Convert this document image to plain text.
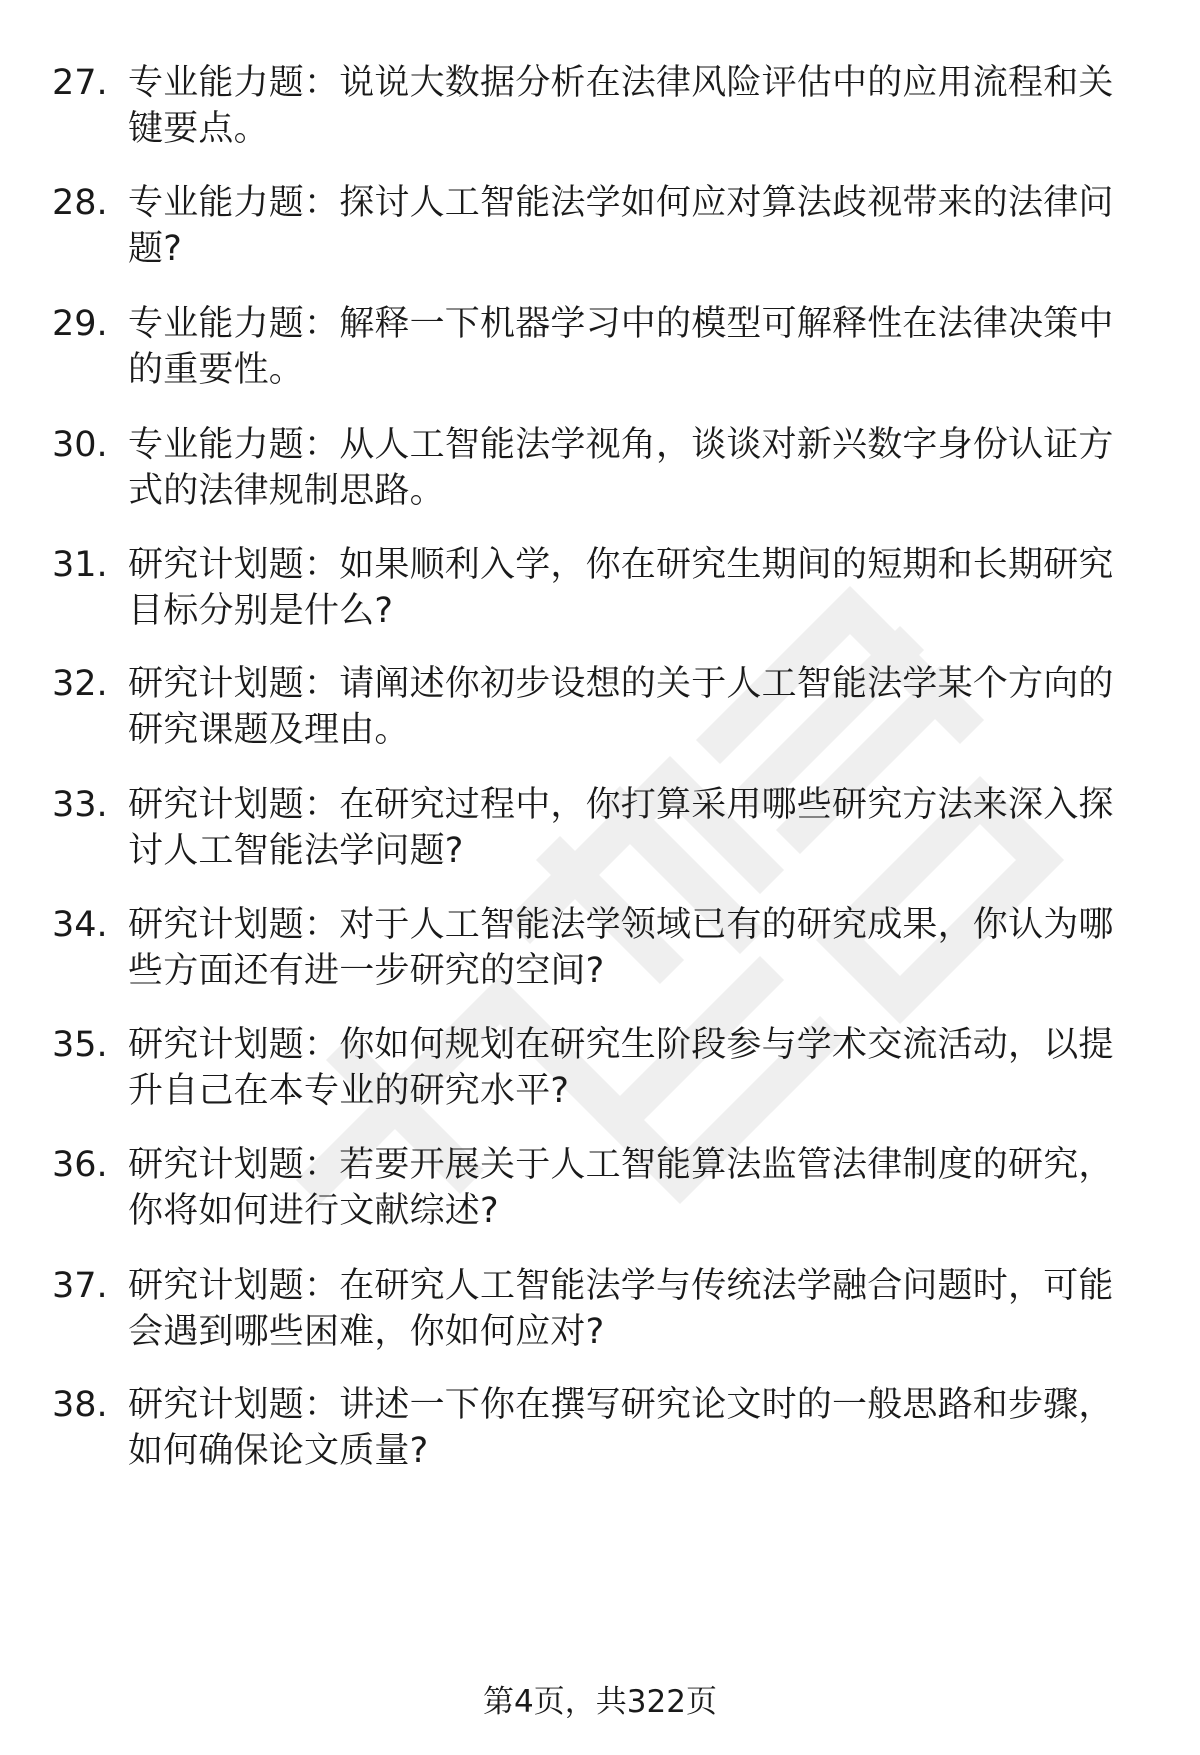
27. 专业能力题：说说大数据分析在法律风险评估中的应用流程和关键要点。
28. 专业能力题：探讨人工智能法学如何应对算法歧视带来的法律问题?
29. 专业能力题：解释一下机器学习中的模型可解释性在法律决策中的重要性。
30. 专业能力题：从人工智能法学视角，谈谈对新兴数字身份认证方式的法律规制思路。
31. 研究计划题：如果顺利入学，你在研究生期间的短期和长期研究目标分别是什么?
32. 研究计划题：请阐述你初步设想的关于人工智能法学某个方向的研究课题及理由。
33. 研究计划题：在研究过程中，你打算采用哪些研究方法来深入探讨人工智能法学问题?
34. 研究计划题：对于人工智能法学领域已有的研究成果，你认为哪些方面还有进一步研究的空间?
35. 研究计划题：你如何规划在研究生阶段参与学术交流活动，以提升自己在本专业的研究水平?
36. 研究计划题：若要开展关于人工智能算法监管法律制度的研究，你将如何进行文献综述?
37. 研究计划题：在研究人工智能法学与传统法学融合问题时，可能会遇到哪些困难，你如何应对?
38. 研究计划题：讲述一下你在撰写研究论文时的一般思路和步骤，如何确保论文质量?
第4页，共322页
